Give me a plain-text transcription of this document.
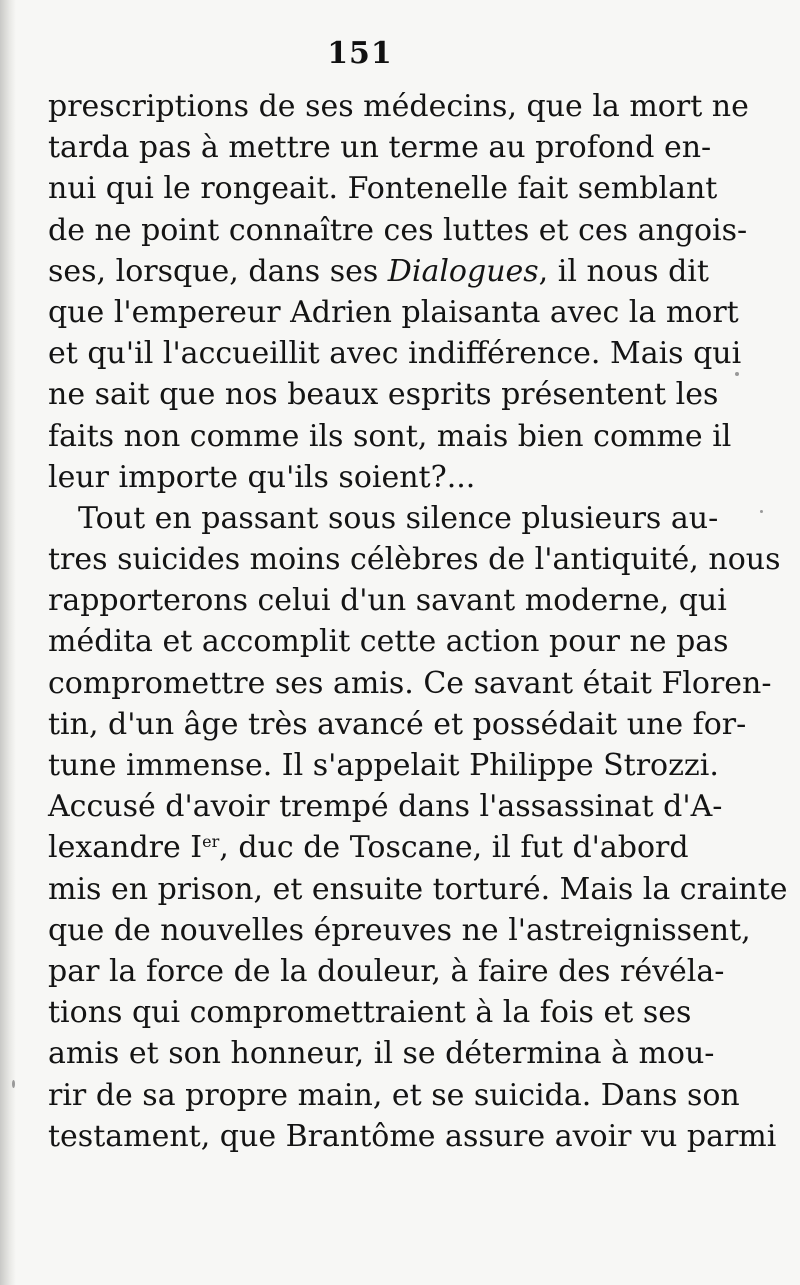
151
prescriptions de ses médecins, que la mort ne
tarda pas à mettre un terme au profond en-
nui qui le rongeait. Fontenelle fait semblant
de ne point connaître ces luttes et ces angois-
ses, lorsque, dans ses Dialogues, il nous dit
que l'empereur Adrien plaisanta avec la mort
et qu'il l'accueillit avec indifférence. Mais qui
ne sait que nos beaux esprits présentent les
faits non comme ils sont, mais bien comme il
leur importe qu'ils soient?...
Tout en passant sous silence plusieurs au-
tres suicides moins célèbres de l'antiquité, nous
rapporterons celui d'un savant moderne, qui
médita et accomplit cette action pour ne pas
compromettre ses amis. Ce savant était Floren-
tin, d'un âge très avancé et possédait une for-
tune immense. Il s'appelait Philippe Strozzi.
Accusé d'avoir trempé dans l'assassinat d'A-
lexandre Ier, duc de Toscane, il fut d'abord
mis en prison, et ensuite torturé. Mais la crainte
que de nouvelles épreuves ne l'astreignissent,
par la force de la douleur, à faire des révéla-
tions qui compromettraient à la fois et ses
amis et son honneur, il se détermina à mou-
rir de sa propre main, et se suicida. Dans son
testament, que Brantôme assure avoir vu parmi
